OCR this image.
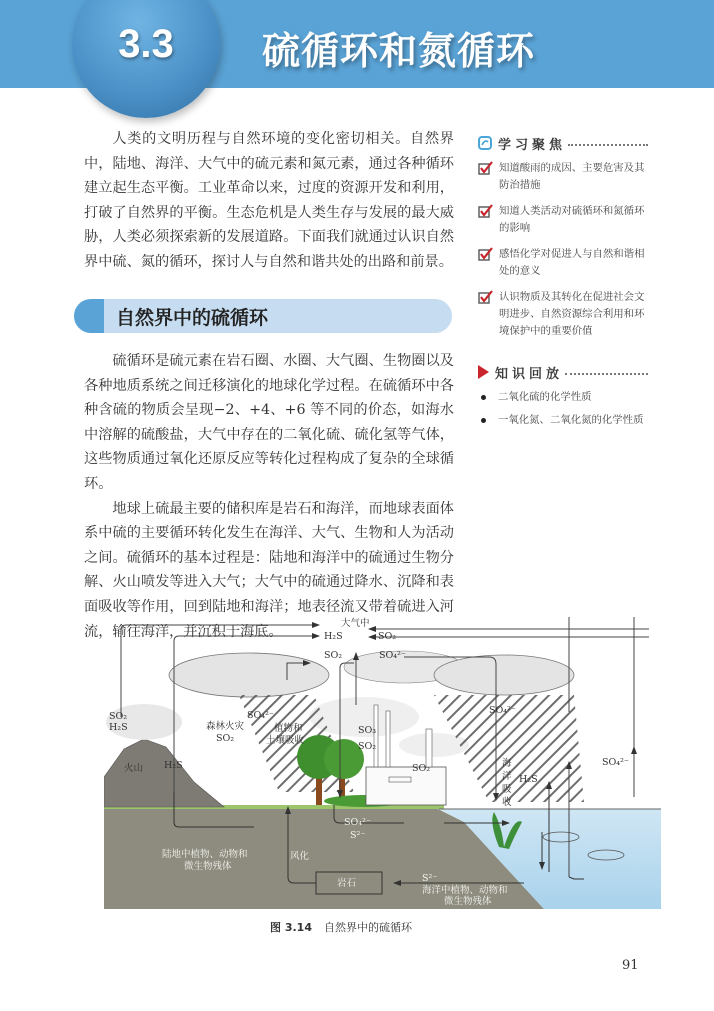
3.3	硫循环和氮循环

人类的文明历程与自然环境的变化密切相关。自然界中，陆地、海洋、大气中的硫元素和氮元素，通过各种循环建立起生态平衡。工业革命以来，过度的资源开发和利用，打破了自然界的平衡。生态危机是人类生存与发展的最大威胁，人类必须探索新的发展道路。下面我们就通过认识自然界中硫、氮的循环，探讨人与自然和谐共处的出路和前景。

自然界中的硫循环

硫循环是硫元素在岩石圈、水圈、大气圈、生物圈以及各种地质系统之间迁移演化的地球化学过程。在硫循环中各种含硫的物质会呈现−2、+4、+6 等不同的价态，如海水中溶解的硫酸盐，大气中存在的二氧化硫、硫化氢等气体，这些物质通过氧化还原反应等转化过程构成了复杂的全球循环。

地球上硫最主要的储积库是岩石和海洋，而地球表面体系中硫的主要循环转化发生在海洋、大气、生物和人为活动之间。硫循环的基本过程是：陆地和海洋中的硫通过生物分解、火山喷发等进入大气；大气中的硫通过降水、沉降和表面吸收等作用，回到陆地和海洋；地表径流又带着硫进入河流，输往海洋，并沉积于海底。

学习聚焦
知道酸雨的成因、主要危害及其防治措施
知道人类活动对硫循环和氮循环的影响
感悟化学对促进人与自然和谐相处的意义
认识物质及其转化在促进社会文明进步、自然资源综合利用和环境保护中的重要价值
知识回放
二氧化硫的化学性质
一氧化氮、二氧化氮的化学性质
大气中
H₂S	SO₂
SO₂	SO₄²⁻
SO₂
H₂S
火山 H₂S
森林火灾
SO₂
SO₄²⁻
植物和
土壤吸收
SO₃
SO₂
SO₂	海洋吸收
SO₄²⁻
H₂S
SO₄²⁻
SO₄²⁻
S²⁻
陆地中植物、动物和
微生物残体
风化
岩石	S²⁻
海洋中植物、动物和
微生物残体
图 3.14 自然界中的硫循环
91
